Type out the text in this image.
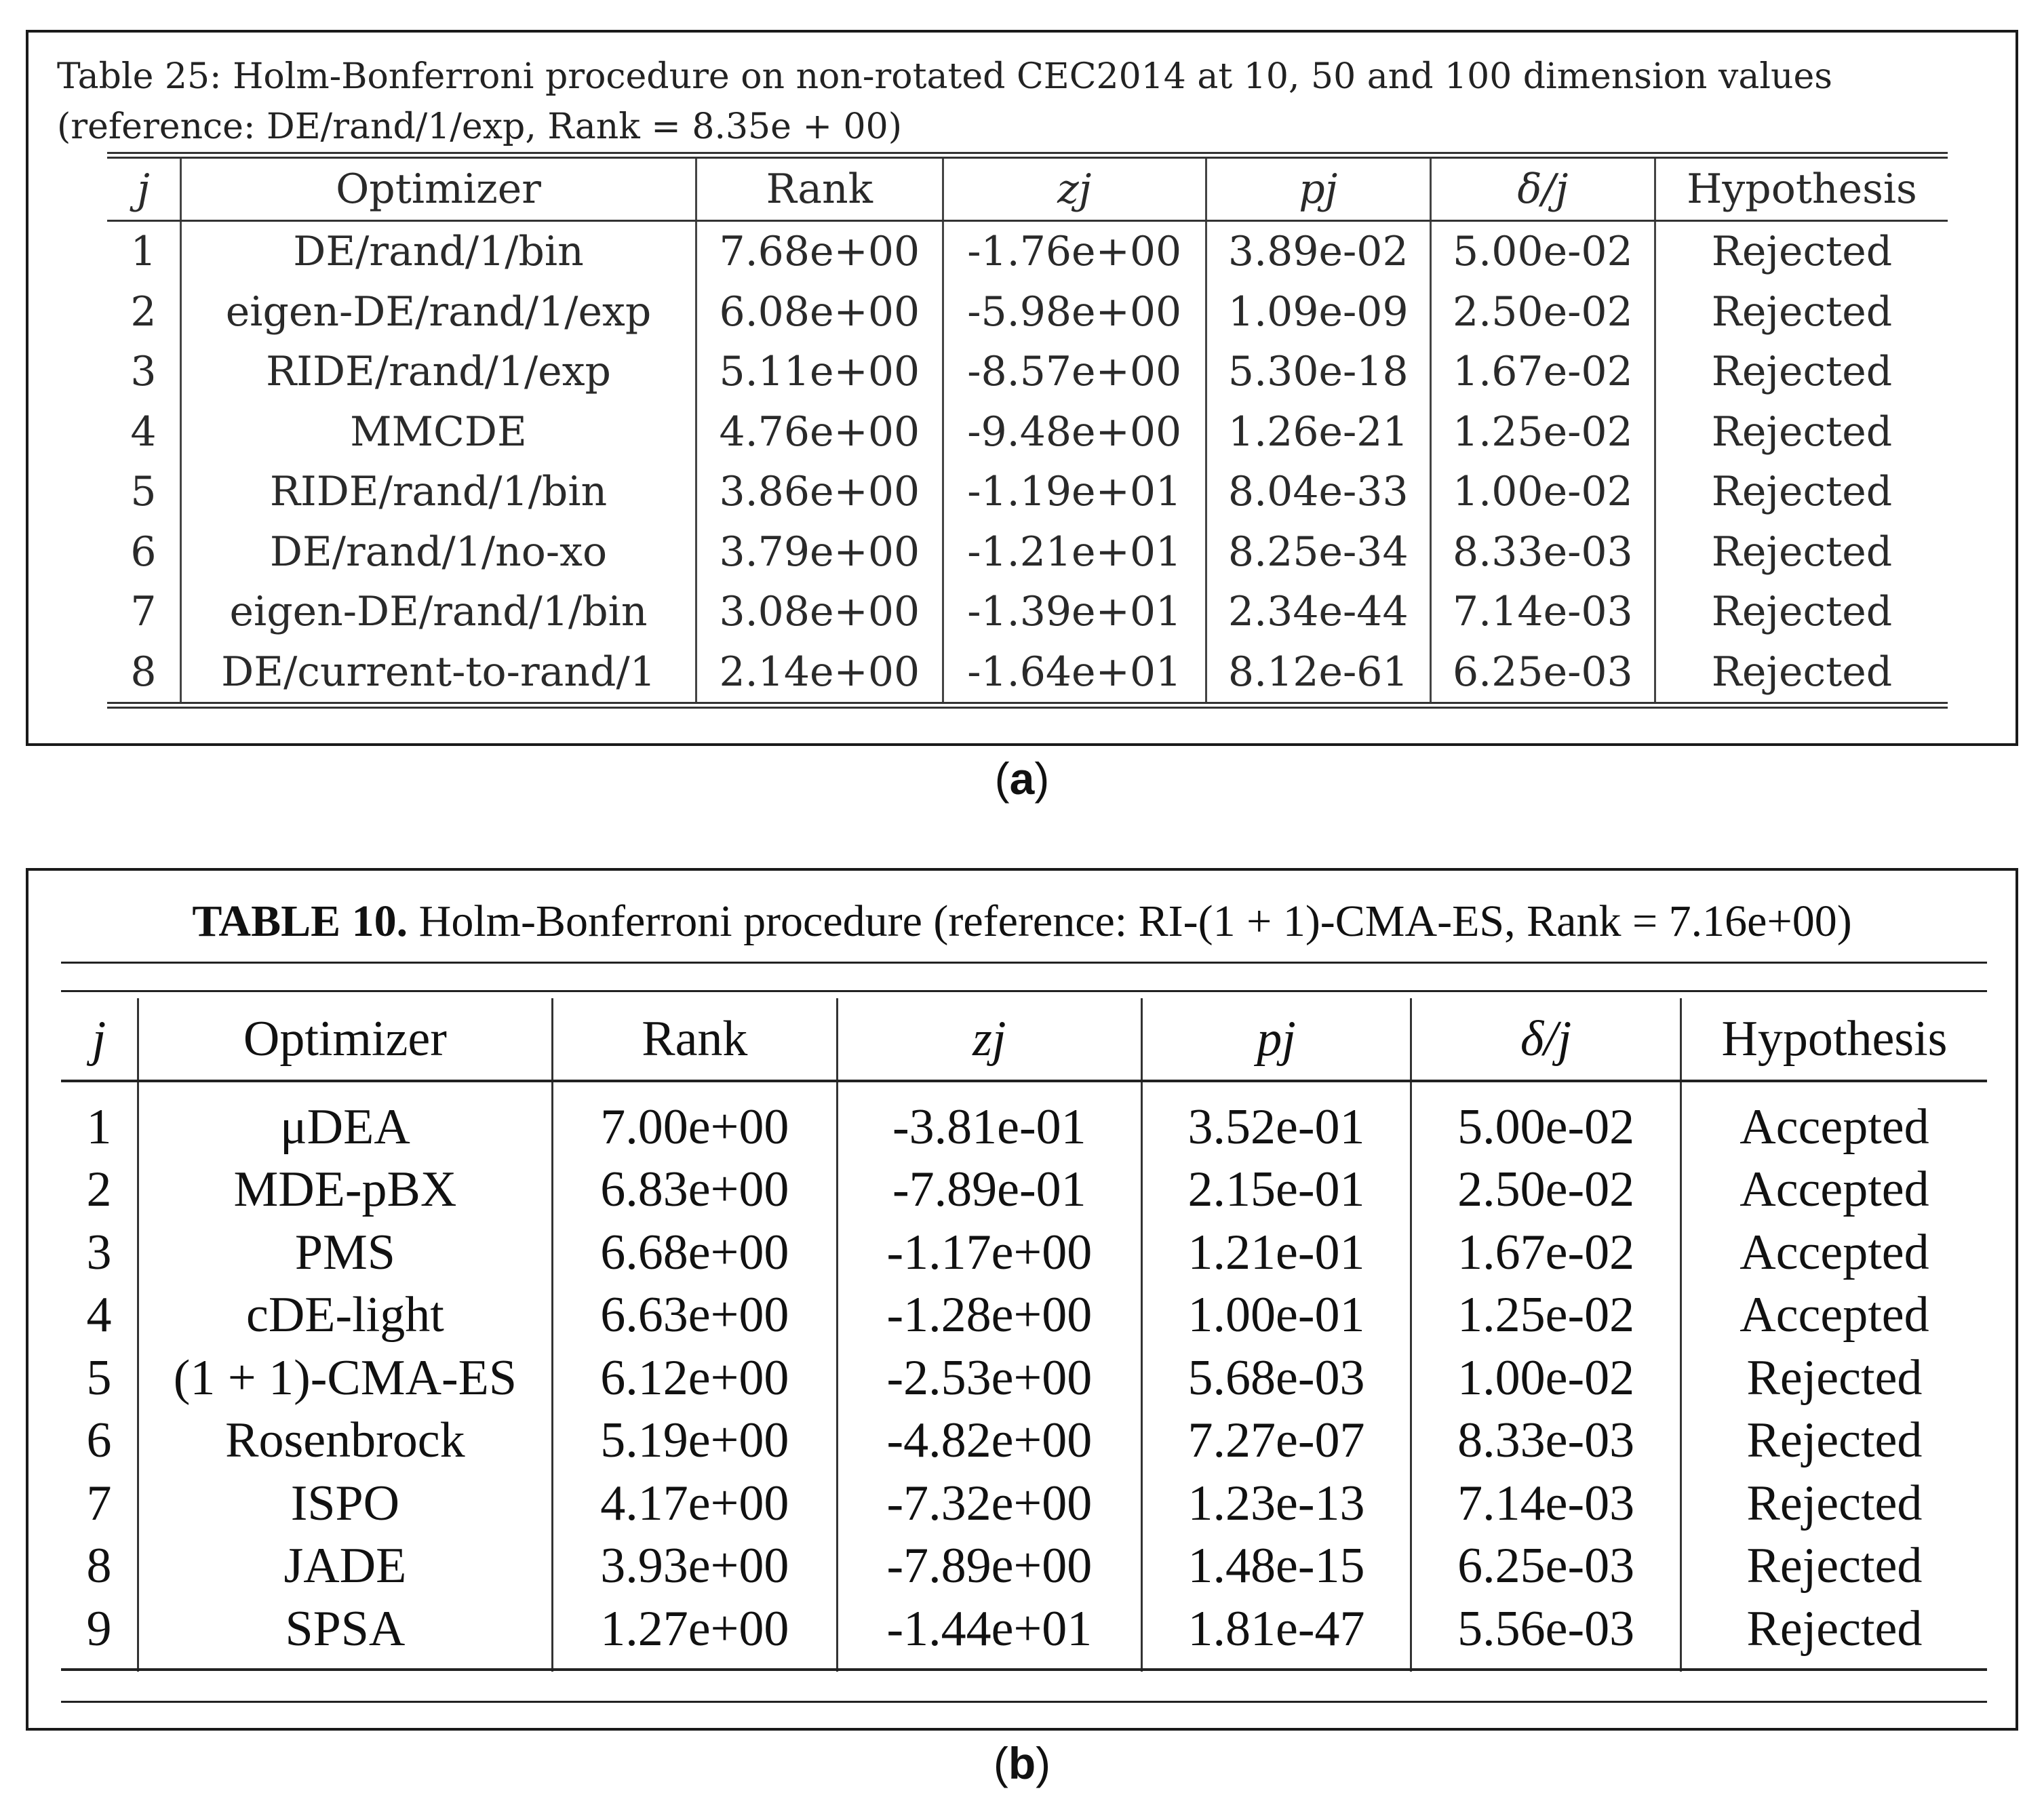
Table 25: Holm-Bonferroni procedure on non-rotated CEC2014 at 10, 50 and 100 dimension values (reference: DE/rand/1/exp, Rank = 8.35e + 00)
j	Optimizer	Rank	zj	pj	δ/j	Hypothesis
1	DE/rand/1/bin	7.68e+00	-1.76e+00	3.89e-02	5.00e-02	Rejected
2	eigen-DE/rand/1/exp	6.08e+00	-5.98e+00	1.09e-09	2.50e-02	Rejected
3	RIDE/rand/1/exp	5.11e+00	-8.57e+00	5.30e-18	1.67e-02	Rejected
4	MMCDE	4.76e+00	-9.48e+00	1.26e-21	1.25e-02	Rejected
5	RIDE/rand/1/bin	3.86e+00	-1.19e+01	8.04e-33	1.00e-02	Rejected
6	DE/rand/1/no-xo	3.79e+00	-1.21e+01	8.25e-34	8.33e-03	Rejected
7	eigen-DE/rand/1/bin	3.08e+00	-1.39e+01	2.34e-44	7.14e-03	Rejected
8	DE/current-to-rand/1	2.14e+00	-1.64e+01	8.12e-61	6.25e-03	Rejected
(a)
TABLE 10. Holm-Bonferroni procedure (reference: RI-(1 + 1)-CMA-ES, Rank = 7.16e+00)
j	Optimizer	Rank	zj	pj	δ/j	Hypothesis
1	μDEA	7.00e+00	-3.81e-01	3.52e-01	5.00e-02	Accepted
2	MDE-pBX	6.83e+00	-7.89e-01	2.15e-01	2.50e-02	Accepted
3	PMS	6.68e+00	-1.17e+00	1.21e-01	1.67e-02	Accepted
4	cDE-light	6.63e+00	-1.28e+00	1.00e-01	1.25e-02	Accepted
5	(1 + 1)-CMA-ES	6.12e+00	-2.53e+00	5.68e-03	1.00e-02	Rejected
6	Rosenbrock	5.19e+00	-4.82e+00	7.27e-07	8.33e-03	Rejected
7	ISPO	4.17e+00	-7.32e+00	1.23e-13	7.14e-03	Rejected
8	JADE	3.93e+00	-7.89e+00	1.48e-15	6.25e-03	Rejected
9	SPSA	1.27e+00	-1.44e+01	1.81e-47	5.56e-03	Rejected
(b)
